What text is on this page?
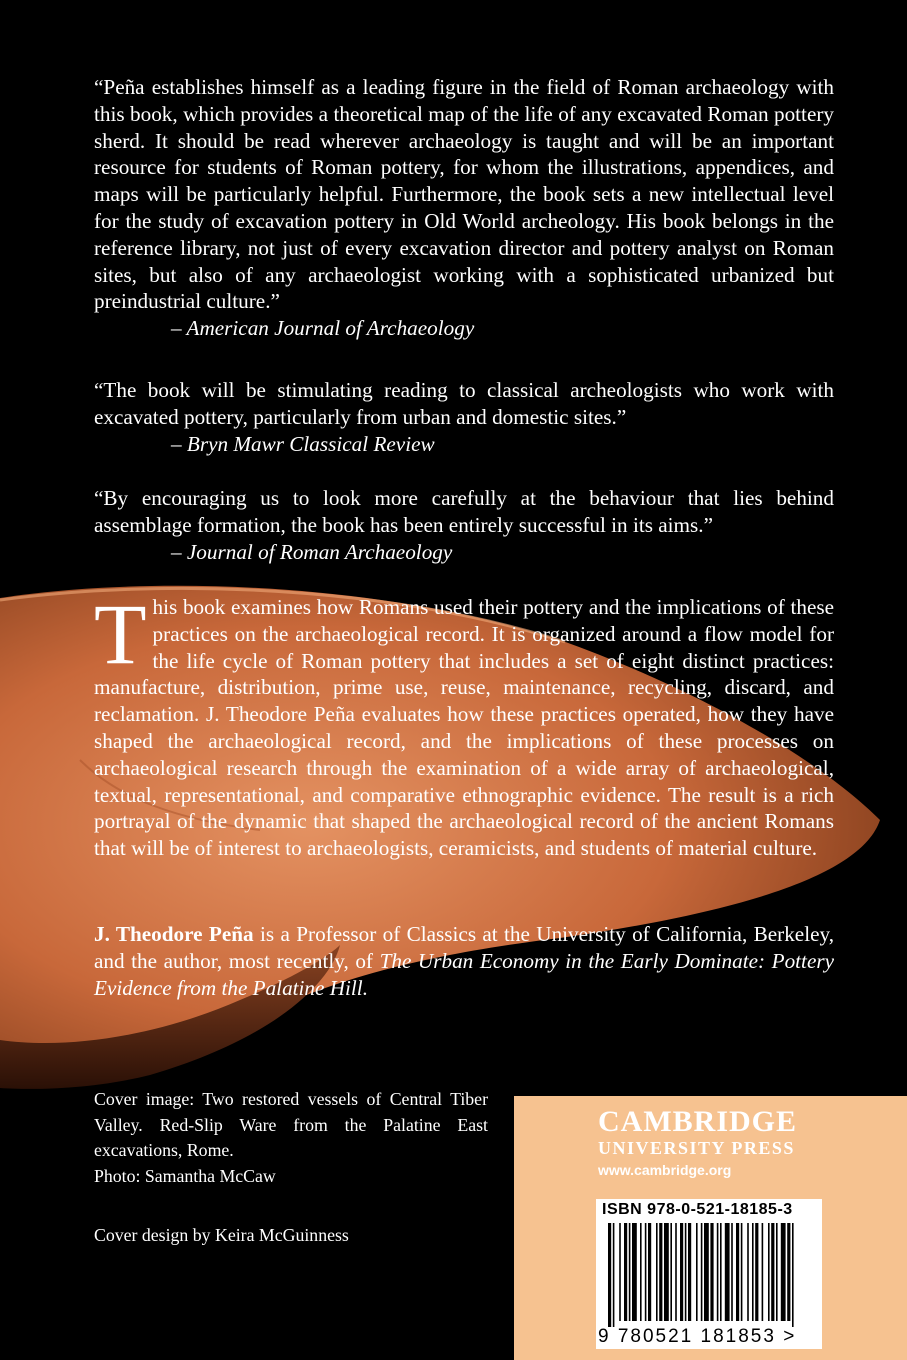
“Peña establishes himself as a leading figure in the field of Roman archaeology with this book, which provides a theoretical map of the life of any excavated Roman pottery sherd. It should be read wherever archaeology is taught and will be an important resource for students of Roman pottery, for whom the illustrations, appendices, and maps will be particularly helpful. Furthermore, the book sets a new intellectual level for the study of excavation pottery in Old World archeology. His book belongs in the reference library, not just of every excavation director and pottery analyst on Roman sites, but also of any archaeologist working with a sophisticated urbanized but preindustrial culture.”

– American Journal of Archaeology

“The book will be stimulating reading to classical archeologists who work with excavated pottery, particularly from urban and domestic sites.”

– Bryn Mawr Classical Review

“By encouraging us to look more carefully at the behaviour that lies behind assemblage formation, the book has been entirely successful in its aims.”

– Journal of Roman Archaeology

This book examines how Romans used their pottery and the implications of these practices on the archaeological record. It is organized around a flow model for the life cycle of Roman pottery that includes a set of eight distinct practices: manufacture, distribution, prime use, reuse, maintenance, recycling, discard, and reclamation. J. Theodore Peña evaluates how these practices operated, how they have shaped the archaeological record, and the implications of these processes on archaeological research through the examination of a wide array of archaeological, textual, representational, and comparative ethnographic evidence. The result is a rich portrayal of the dynamic that shaped the archaeological record of the ancient Romans that will be of interest to archaeologists, ceramicists, and students of material culture.

J. Theodore Peña is a Professor of Classics at the University of California, Berkeley, and the author, most recently, of The Urban Economy in the Early Dominate: Pottery Evidence from the Palatine Hill.

Cover image: Two restored vessels of Central Tiber Valley. Red-Slip Ware from the Palatine East excavations, Rome.
Photo: Samantha McCaw
Cover design by Keira McGuinness
CAMBRIDGE
UNIVERSITY PRESS
www.cambridge.org
ISBN 978-0-521-18185-3
9 780521 181853 >
